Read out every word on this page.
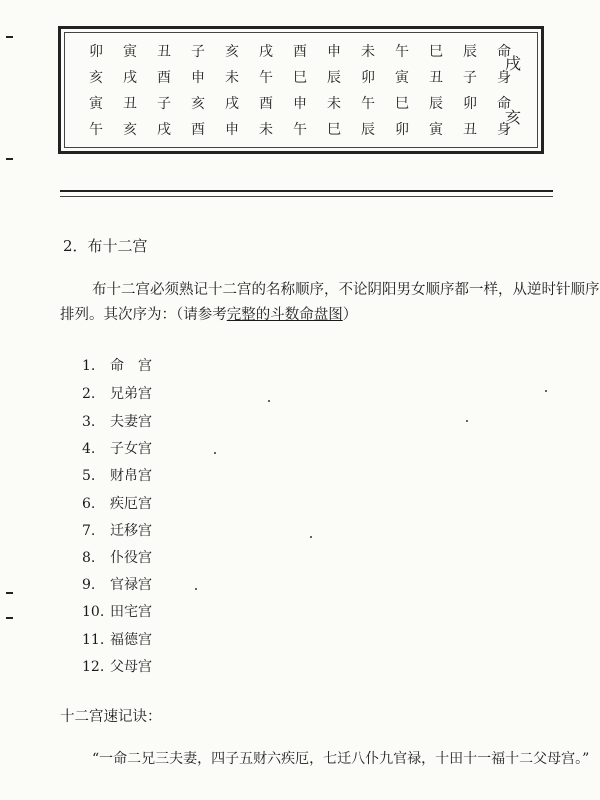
卯	寅	丑	子	亥	戌	酉	申	未	午	巳	辰	命
亥	戌	酉	申	未	午	巳	辰	卯	寅	丑	子	身
寅	丑	子	亥	戌	酉	申	未	午	巳	辰	卯	命
午	亥	戌	酉	申	未	午	巳	辰	卯	寅	丑	身
戌
亥
2．布十二宫
布十二宫必须熟记十二宫的名称顺序，不论阴阳男女顺序都一样，从逆时针顺序
排列。其次序为：（请参考完整的斗数命盘图）
1. 命　宫
2. 兄弟宫
3. 夫妻宫
4. 子女宫
5. 财帛宫
6. 疾厄宫
7. 迁移宫
8. 仆役宫
9. 官禄宫
10. 田宅宫
11. 福德宫
12. 父母宫
十二宫速记诀：
“一命二兄三夫妻，四子五财六疾厄，七迁八仆九官禄，十田十一福十二父母宫。”
